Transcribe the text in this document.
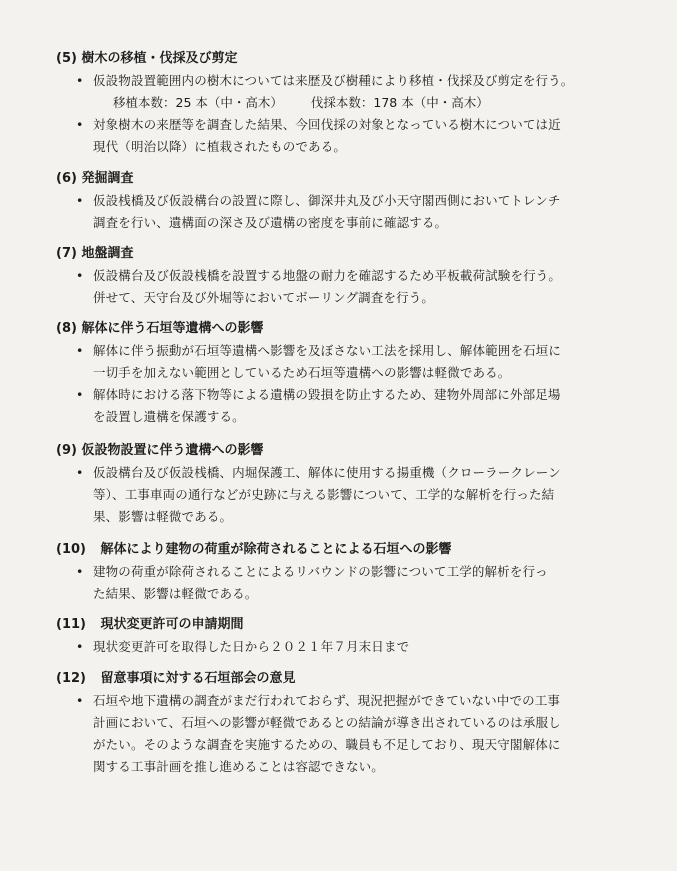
(5) 樹木の移植・伐採及び剪定
• 仮設物設置範囲内の樹木については来歴及び樹種により移植・伐採及び剪定を行う。
移植本数：25 本（中・高木） 伐採本数：178 本（中・高木）
• 対象樹木の来歴等を調査した結果、今回伐採の対象となっている樹木については近
現代（明治以降）に植栽されたものである。
(6) 発掘調査
• 仮設桟橋及び仮設構台の設置に際し、御深井丸及び小天守閣西側においてトレンチ
調査を行い、遺構面の深さ及び遺構の密度を事前に確認する。
(7) 地盤調査
• 仮設構台及び仮設桟橋を設置する地盤の耐力を確認するため平板載荷試験を行う。
併せて、天守台及び外堀等においてボーリング調査を行う。
(8) 解体に伴う石垣等遺構への影響
• 解体に伴う振動が石垣等遺構へ影響を及ぼさない工法を採用し、解体範囲を石垣に
一切手を加えない範囲としているため石垣等遺構への影響は軽微である。
• 解体時における落下物等による遺構の毀損を防止するため、建物外周部に外部足場
を設置し遺構を保護する。
(9) 仮設物設置に伴う遺構への影響
• 仮設構台及び仮設桟橋、内堀保護工、解体に使用する揚重機（クローラークレーン
等）、工事車両の通行などが史跡に与える影響について、工学的な解析を行った結
果、影響は軽微である。
(10) 解体により建物の荷重が除荷されることによる石垣への影響
• 建物の荷重が除荷されることによるリバウンドの影響について工学的解析を行っ
た結果、影響は軽微である。
(11) 現状変更許可の申請期間
• 現状変更許可を取得した日から２０２１年７月末日まで
(12) 留意事項に対する石垣部会の意見
• 石垣や地下遺構の調査がまだ行われておらず、現況把握ができていない中での工事
計画において、石垣への影響が軽微であるとの結論が導き出されているのは承服し
がたい。そのような調査を実施するための、職員も不足しており、現天守閣解体に
関する工事計画を推し進めることは容認できない。
